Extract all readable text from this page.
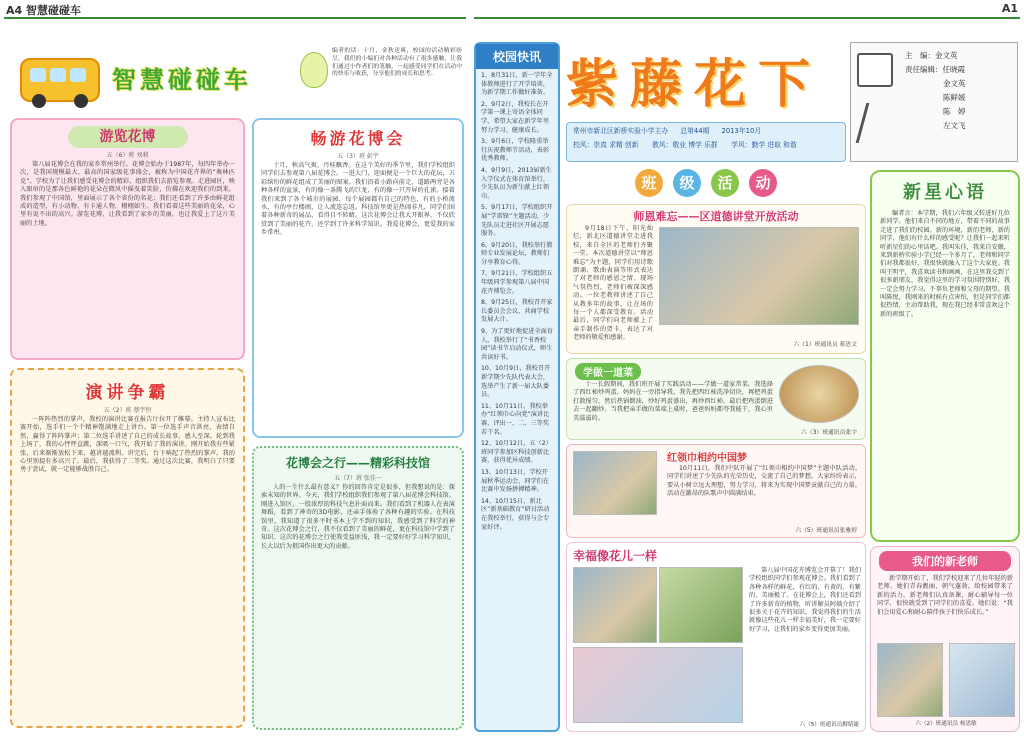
A4 智慧碰碰车
智慧碰碰车
编者的话：十月，金秋送爽，校园的活动精彩纷呈，我们的小编们对各种活动有了很多感触，让我们通过小作者们的笔触，一起感受同学们在活动中的快乐与收获，分享他们的成长和思考。
游览花博
五（6）班 刘莉
第八届花博会在我的家乡常州举行。花博会始办于1987年，每四年举办一次，是我国规模最大、最高的国家级花事盛会，被称为中国花卉界的“奥林匹克”。学校为了让我们感受花博会的精彩，组织我们去游览参观。走进园区，映入眼帘的是那各色鲜艳的花朵在微风中摇曳着笑脸，仿佛在欢迎我们的到来。我们参观了中国馆，里面展示了各个省份的名花；我们还看到了许多由鲜花组成的造型，有小动物、有卡通人物，栩栩如生。我们看着这些美丽的花朵，心里有说不出的高兴。游览花博，让我看到了家乡的美丽，也让我爱上了这片美丽的土地。
演讲争霸
五（2）班 蔡宇恒
一阵阵热烈的掌声，我校的演讲比赛在报告厅拉开了帷幕。主持人宣布比赛开始，选手们一个个精神饱满地走上讲台。第一位选手声音洪亮，表情自然，赢得了阵阵掌声；第二位选手讲述了自己的成长故事，感人至深。轮到我上场了，我的心怦怦直跳，深吸一口气，我开始了我的演讲。刚开始我有些紧张，后来渐渐放松下来，越讲越流利。讲完后，台下响起了热烈的掌声，我的心里别提有多高兴了。最后，我获得了二等奖。通过这次比赛，我明白了只要勇于尝试，就一定能够战胜自己。
畅游花博会
五（3）班 彭宇
十月，秋高气爽，丹桂飘香。在这个美好的季节里，我们学校组织同学们去参观第八届花博会。一进大门，迎面便是一个巨大的花坛，五彩缤纷的鲜花组成了美丽的图案。我们沿着小路向前走，道路两旁是各种各样的盆景，有的像一条腾飞的巨龙，有的像一只开屏的孔雀。接着我们来到了各个城市的展园，每个展园都有自己的特色，有的小桥流水，有的亭台楼阁，让人流连忘返。科技馆里更是热闹非凡，同学们围着各种新奇的展品，看得目不转睛。这次花博会让我大开眼界，不仅欣赏到了美丽的花卉，还学到了许多科学知识。我爱花博会，更爱我的家乡常州。
花博会之行——精彩科技馆
五（7）班 张佳一
人的一生什么最有意义？你的回答肯定是很多，但我想说的是：探索未知的世界。今天，我们学校组织我们参观了第八届花博会科技馆。刚进入馆区，一股浓厚的科技气息扑面而来。我们看到了机器人在表演舞蹈，看到了神奇的3D电影，还亲手体验了各种有趣的实验。在科技馆里，我知道了很多平时书本上学不到的知识，我感受到了科学的神奇。这次花博会之行，我不仅看到了美丽的鲜花，更在科技馆中学到了知识。这次的花博会之行使我受益匪浅，我一定要好好学习科学知识，长大以后为祖国作出更大的贡献。
A1
校园快讯
1、8月31日，新一学年全体教师进行了开学培训，为新学期工作做好准备。
2、9月2日，我校长在开学第一课上寄语全体同学，希望大家在新学年里努力学习、健康成长。
3、9月6日，学校隆重举行庆祝教师节活动，表彰优秀教师。
4、9月9日，2013届新生入学仪式在体育馆举行，少先队员为新生献上红领巾。
5、9月17日，学校组织开展“学雷锋”主题活动，少先队员走进社区开展志愿服务。
6、9月20日，我校举行教师专业发展论坛，教师们分享教育心得。
7、9月21日，学校组织五年级同学参观第八届中国花卉博览会。
8、9月25日，我校召开家长委员会会议，共商学校发展大计。
9、为了更好地促进全面育人，我校举行了“书香校园”读书节启动仪式，师生共读好书。
10、10月9日，我校召开新学期少先队代表大会，选举产生了新一届大队委员。
11、10月11日，我校举办“红领巾心向党”演讲比赛，评出一、二、三等奖若干名。
12、10月12日，五（2）班同学参加区科技创新比赛，获得优异成绩。
13、10月13日，学校开展秋季运动会，同学们在比赛中发扬拼搏精神。
14、10月15日，新北区“新基础教育”研讨活动在我校举行，获得与会专家好评。
紫藤花下
常州市新北区新桥实验小学主办 总第44期 2013年10月
校风：崇真 求精 创新　　教风：敬业 博学 乐群　　学风：勤学 进取 和谐
主　编：金文英
责任编辑：任晓霞
金文英
陈鲜媛
陈　婷
左文飞
班	级	活	动
师恩难忘——区道德讲堂开放活动
9月18日下午，阳光灿烂，新北区道德讲堂走进我校，来自全区的老师们齐聚一堂。本次道德讲堂以“师恩难忘”为主题，同学们用诗歌朗诵、歌曲表演等形式表达了对老师的感恩之情。现场气氛热烈，老师们被深深感动。一位老教师讲述了自己从教多年的故事，让在场的每一个人都深受教育。活动最后，同学们向老师献上了亲手制作的贺卡，表达了对老师的敬爱和感谢。
六（1）班通讯员 蒋思文
学做一道菜
十一长假期间，我们班开展了实践活动——学做一道家常菜。我选择了西红柿炒鸡蛋，妈妈在一旁指导我。我先把西红柿洗净切块，再把鸡蛋打散搅匀，然后热锅倒油，炒好鸡蛋盛出，再炒西红柿，最后把鸡蛋倒进去一起翻炒。当我把亲手做的菜端上桌时，爸爸妈妈都夸我能干，我心里美滋滋的。
六（3）班通讯员张宇
红领巾相约中国梦
10月11日，我们中队开展了“红领巾相约中国梦”主题中队活动。同学们讲述了少先队的光荣历史，交流了自己的梦想。大家纷纷表示，要从小树立远大理想，努力学习，将来为实现中国梦贡献自己的力量。活动在激昂的队歌声中圆满结束。
六（5）班通讯员张雅婷
幸福像花儿一样
第八届中国花卉博览会开幕了！我们学校组织同学们参观花博会。我们看到了各种各样的鲜花，有红的、有黄的、有紫的，美丽极了。在花博会上，我们还看到了许多新奇的植物，听讲解员阿姨介绍了很多关于花卉的知识。我觉得我们的生活就像这些花儿一样幸福美好，我一定要好好学习，让我们的家乡变得更加美丽。
六（5）班通讯员解婧婕
新星心语
编者言：本学期，我们六年级又转进好几位新同学。他们来自不同的地方，带着不同的故事走进了我们的校园。新的环境，新的老师，新的同学，他们有什么样的感受呢？让我们一起来听听新星们的心里话吧。我叫朱佳，我来自安徽，来到新桥实验小学已经一个多月了，老师和同学们对我都很好，我很快就融入了这个大家庭。我叫王明宇，我喜欢读书和画画，在这里我交到了很多新朋友，我觉得这里的学习氛围特别好，我一定会努力学习，不辜负老师和父母的期望。我叫陈悦，我刚来的时候有点害怕，但是同学们都很热情，主动帮助我，现在我已经非常喜欢这个新的班级了。
我们的新老师
新学期开始了，我们学校迎来了几位年轻的新老师。她们青春靓丽、朝气蓬勃，给校园带来了新的活力。新老师们认真备课，耐心辅导每一位同学，很快就受到了同学们的喜爱。她们说：“我们会用爱心和耐心陪伴孩子们快乐成长。”
六（2）班通讯员 杨思敏
